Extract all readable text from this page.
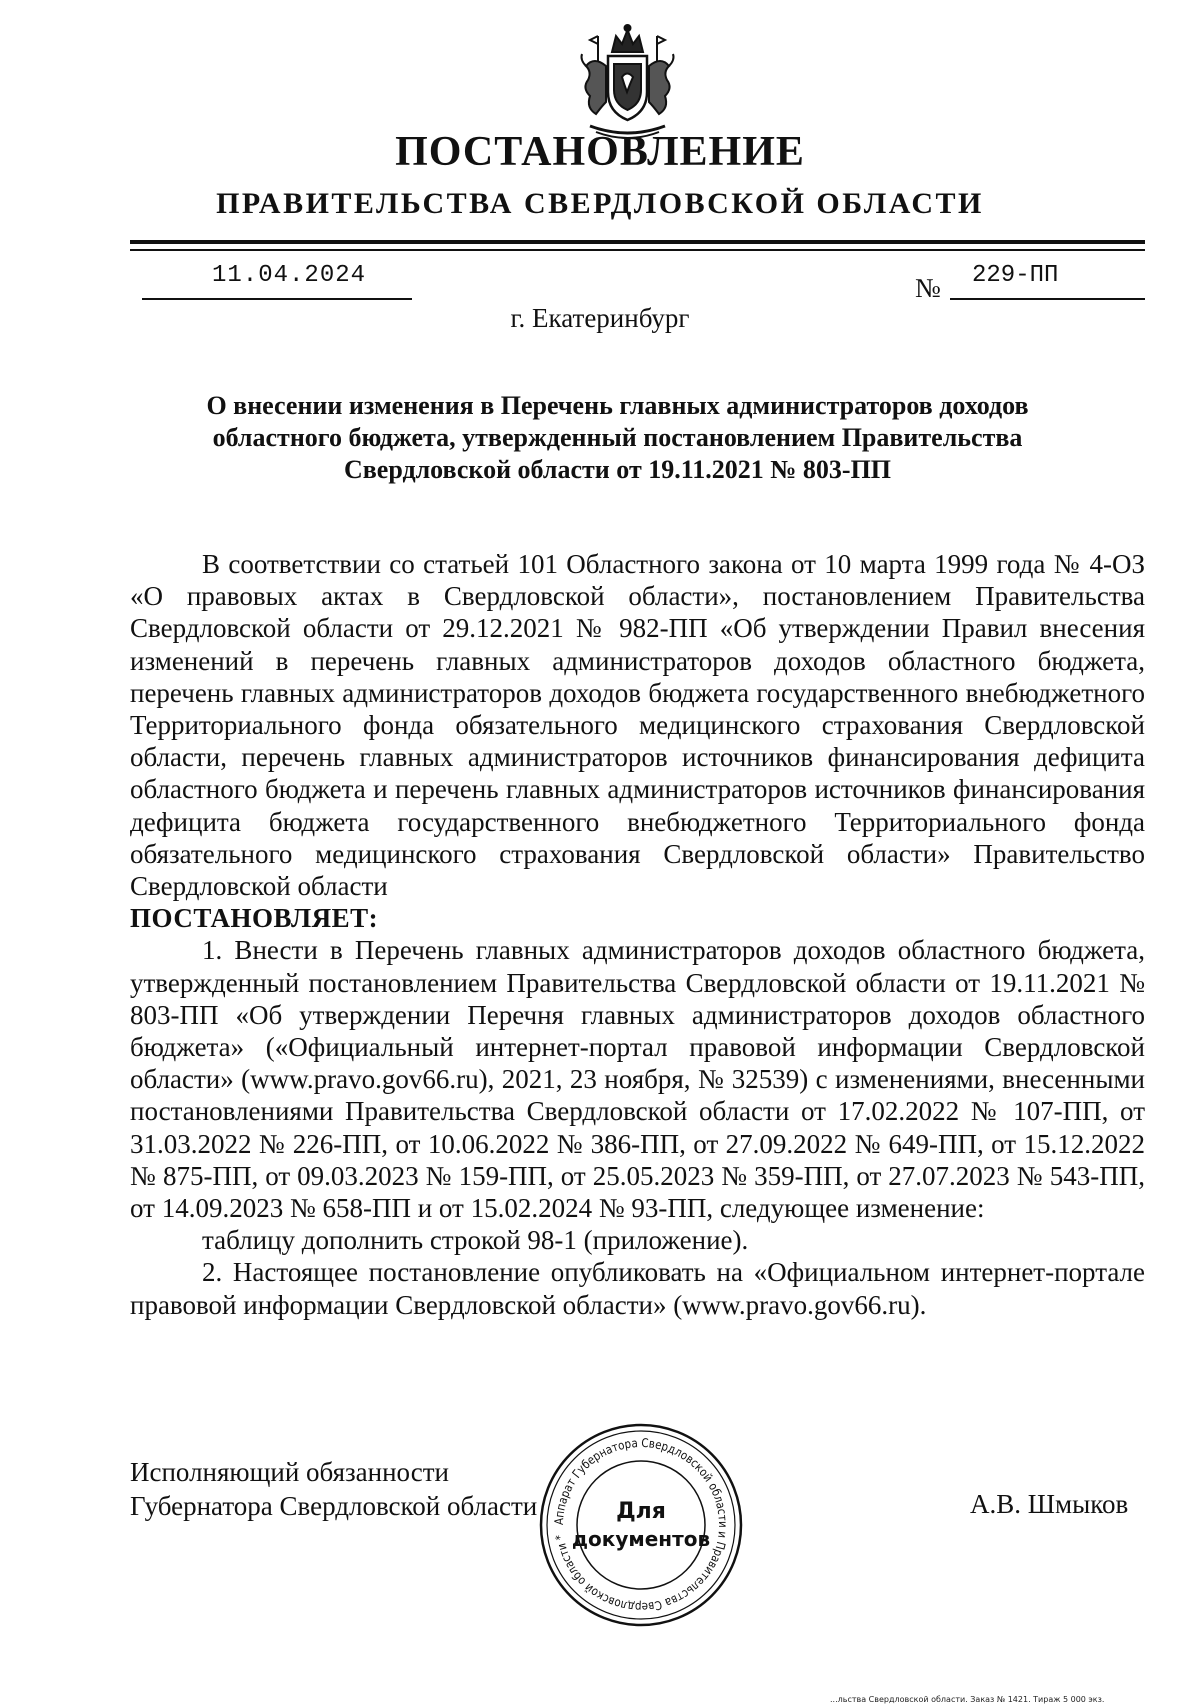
ПОСТАНОВЛЕНИЕ
ПРАВИТЕЛЬСТВА СВЕРДЛОВСКОЙ ОБЛАСТИ
11.04.2024	№ 229-ПП
г. Екатеринбург
О внесении изменения в Перечень главных администраторов доходов
областного бюджета, утвержденный постановлением Правительства
Свердловской области от 19.11.2021 № 803-ПП

В соответствии со статьей 101 Областного закона от 10 марта 1999 года № 4-ОЗ «О правовых актах в Свердловской области», постановлением Правительства Свердловской области от 29.12.2021 № 982-ПП «Об утверждении Правил внесения изменений в перечень главных администраторов доходов областного бюджета, перечень главных администраторов доходов бюджета государственного внебюджетного Территориального фонда обязательного медицинского страхования Свердловской области, перечень главных администраторов источников финансирования дефицита областного бюджета и перечень главных администраторов источников финансирования дефицита бюджета государственного внебюджетного Территориального фонда обязательного медицинского страхования Свердловской области» Правительство Свердловской области

ПОСТАНОВЛЯЕТ:

1. Внести в Перечень главных администраторов доходов областного бюджета, утвержденный постановлением Правительства Свердловской области от 19.11.2021 № 803-ПП «Об утверждении Перечня главных администраторов доходов областного бюджета» («Официальный интернет-портал правовой информации Свердловской области» (www.pravo.gov66.ru), 2021, 23 ноября, № 32539) с изменениями, внесенными постановлениями Правительства Свердловской области от 17.02.2022 № 107-ПП, от 31.03.2022 № 226-ПП, от 10.06.2022 № 386-ПП, от 27.09.2022 № 649-ПП, от 15.12.2022 № 875-ПП, от 09.03.2023 № 159-ПП, от 25.05.2023 № 359-ПП, от 27.07.2023 № 543-ПП, от 14.09.2023 № 658-ПП и от 15.02.2024 № 93-ПП, следующее изменение:

таблицу дополнить строкой 98-1 (приложение).

2. Настоящее постановление опубликовать на «Официальном интернет-портале правовой информации Свердловской области» (www.pravo.gov66.ru).

Исполняющий обязанности
Губернатора Свердловской области	А.В. Шмыков
Аппарат Губернатора Свердловской области и Правительства Свердловской области *
Для
документов
...льства Свердловской области. Заказ № 1421. Тираж 5 000 экз.
